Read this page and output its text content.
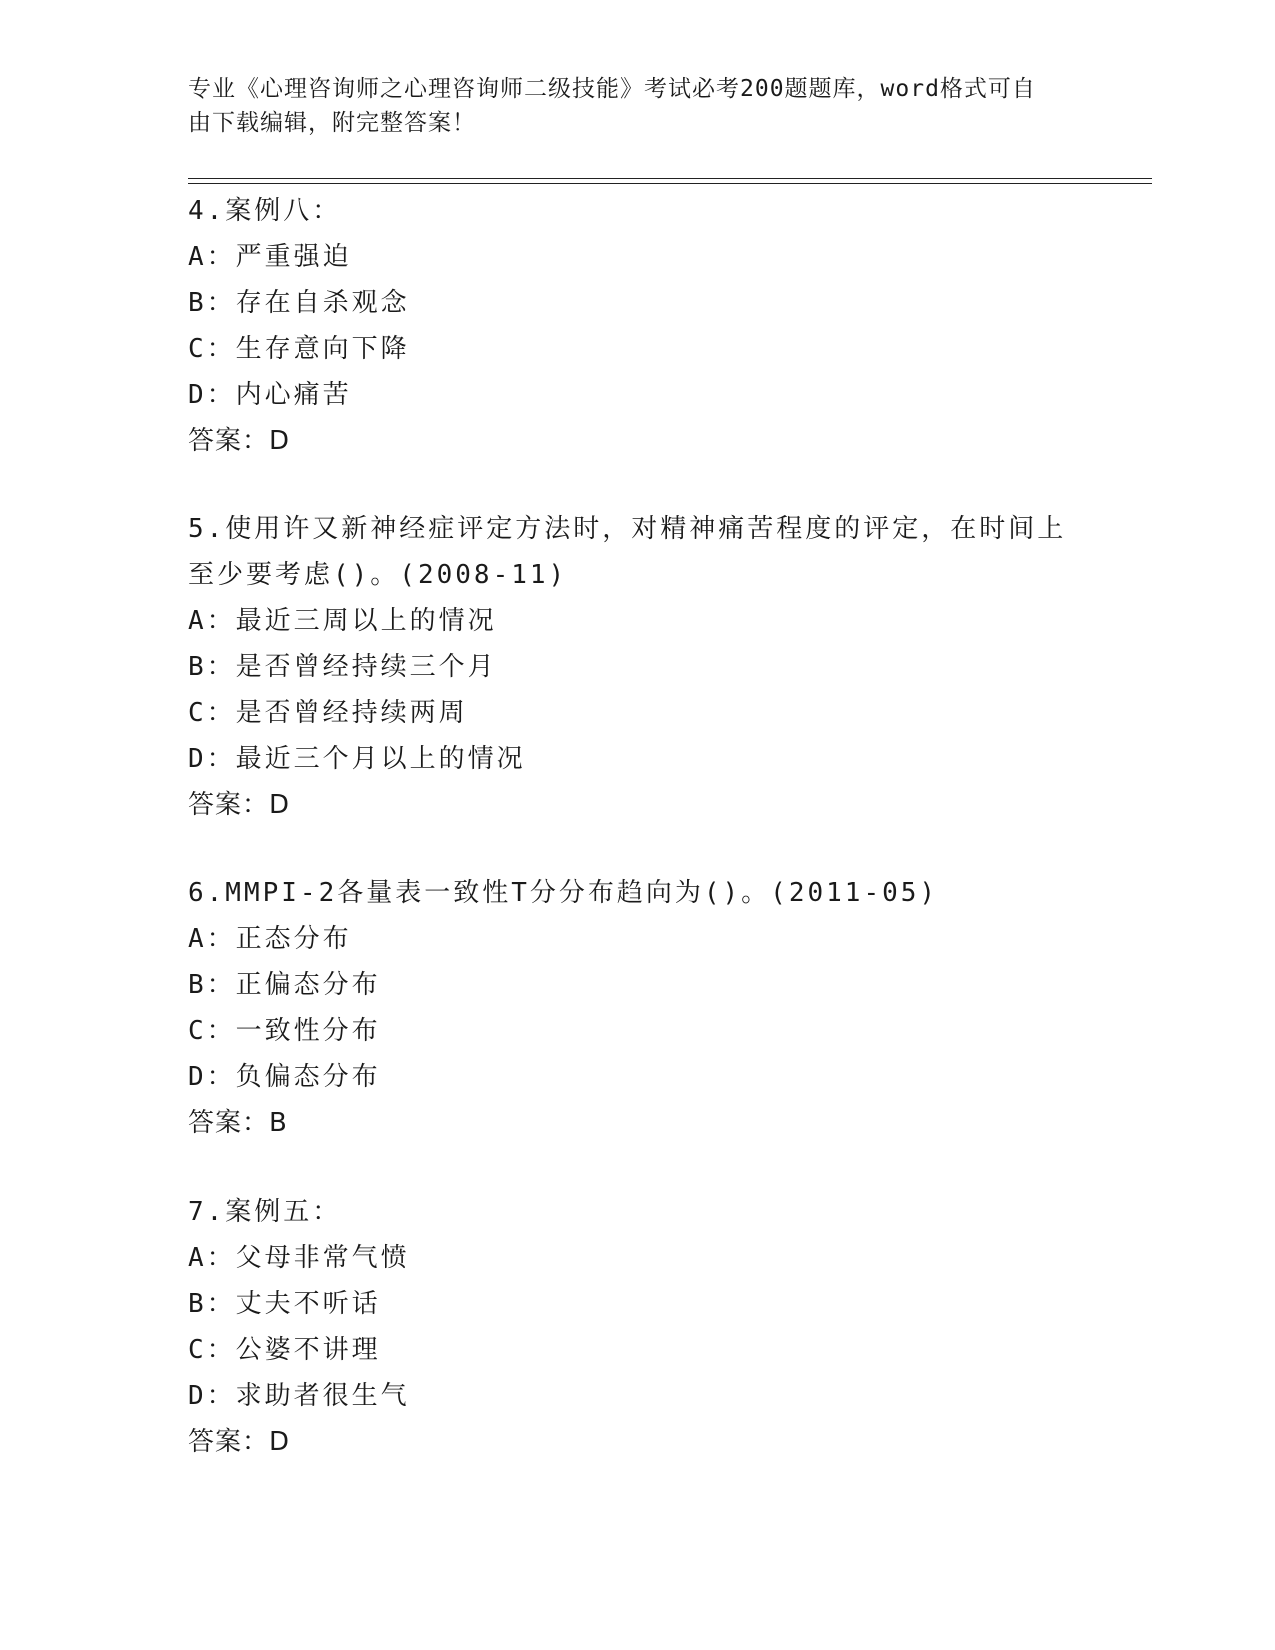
专业《心理咨询师之心理咨询师二级技能》考试必考200题题库，word格式可自
由下载编辑，附完整答案！
4.案例八：
A：严重强迫
B：存在自杀观念
C：生存意向下降
D：内心痛苦
答案：D
5.使用许又新神经症评定方法时，对精神痛苦程度的评定，在时间上
至少要考虑()。(2008-11)
A：最近三周以上的情况
B：是否曾经持续三个月
C：是否曾经持续两周
D：最近三个月以上的情况
答案：D
6.MMPI-2各量表一致性T分分布趋向为()。(2011-05)
A：正态分布
B：正偏态分布
C：一致性分布
D：负偏态分布
答案：B
7.案例五：
A：父母非常气愤
B：丈夫不听话
C：公婆不讲理
D：求助者很生气
答案：D
